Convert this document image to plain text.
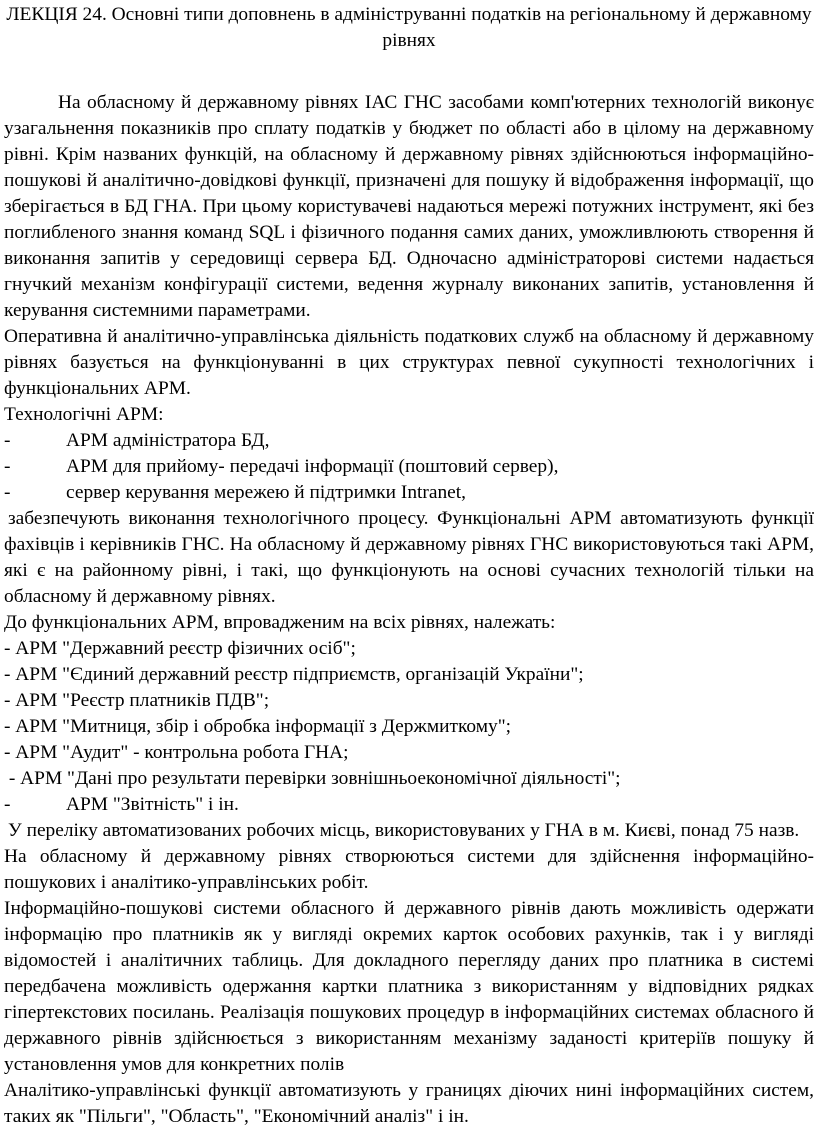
ЛЕКЦІЯ 24. Основні типи доповнень в адмініструванні податків на регіональному й державному рівнях

На обласному й державному рівнях ІАС ГНС засобами комп'ютерних технологій виконує узагальнення показників про сплату податків у бюджет по області або в цілому на державному рівні. Крім названих функцій, на обласному й державному рівнях здійснюються інформаційно-пошукові й аналітично-довідкові функції, призначені для пошуку й відображення інформації, що зберігається в БД ГНА. При цьому користувачеві надаються мережі потужних інструмент, які без поглибленого знання команд SQL і фізичного подання самих даних, уможливлюють створення й виконання запитів у середовищі сервера БД. Одночасно адміністраторові системи надається гнучкий механізм конфігурації системи, ведення журналу виконаних запитів, установлення й керування системними параметрами.

Оперативна й аналітично-управлінська діяльність податкових служб на обласному й державному рівнях базується на функціонуванні в цих структурах певної сукупності технологічних і функціональних АРМ.

Технологічні АРМ:

-	АРМ адміністратора БД,
-	АРМ для прийому- передачі інформації (поштовий сервер),
-	сервер керування мережею й підтримки Intranet,

забезпечують виконання технологічного процесу. Функціональні АРМ автоматизують функції фахівців і керівників ГНС. На обласному й державному рівнях ГНС використовуються такі АРМ, які є на районному рівні, і такі, що функціонують на основі сучасних технологій тільки на обласному й державному рівнях.

До функціональних АРМ, впровадженим на всіх рівнях, належать:

- АРМ "Державний реєстр фізичних осіб";

- АРМ "Єдиний державний реєстр підприємств, організацій України";

- АРМ "Реєстр платників ПДВ";

- АРМ "Митниця, збір і обробка інформації з Держмиткому";

- АРМ "Аудит" - контрольна робота ГНА;

- АРМ "Дані про результати перевірки зовнішньоекономічної діяльності";

-	АРМ "Звітність" і ін.

У переліку автоматизованих робочих місць, використовуваних у ГНА в м. Києві, понад 75 назв.

На обласному й державному рівнях створюються системи для здійснення інформаційно-пошукових і аналітико-управлінських робіт.

Інформаційно-пошукові системи обласного й державного рівнів дають можливість одержати інформацію про платників як у вигляді окремих карток особових рахунків, так і у вигляді відомостей і аналітичних таблиць. Для докладного перегляду даних про платника в системі передбачена можливість одержання картки платника з використанням у відповідних рядках гіпертекстових посилань. Реалізація пошукових процедур в інформаційних системах обласного й державного рівнів здійснюється з використанням механізму заданості критеріїв пошуку й установлення умов для конкретних полів

Аналітико-управлінські функції автоматизують у границях діючих нині інформаційних систем, таких як "Пільги", "Область", "Економічний аналіз" і ін.
